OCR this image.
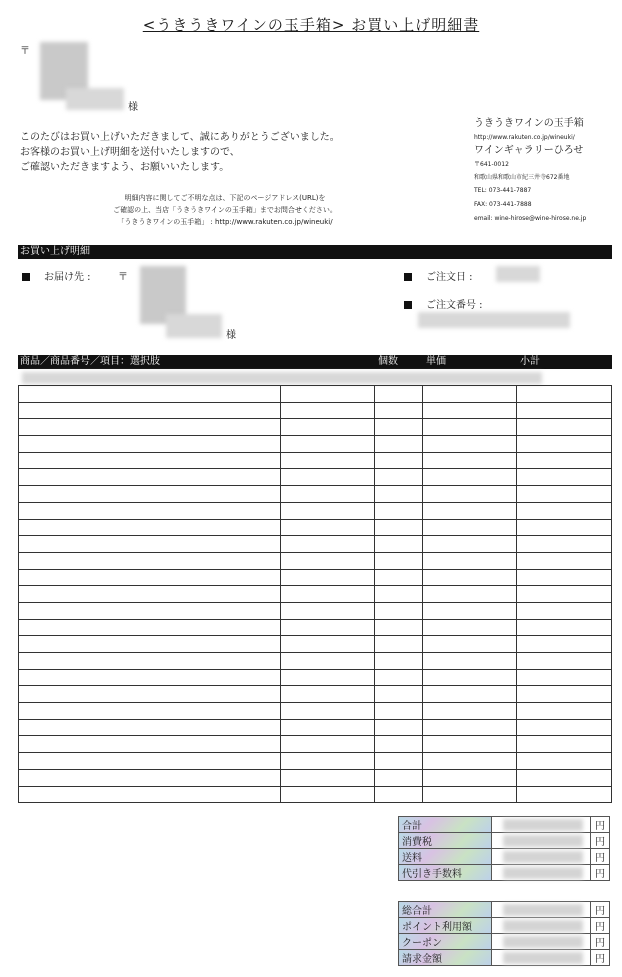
<うきうきワインの玉手箱> お買い上げ明細書
〒
様
このたびはお買い上げいただきまして、誠にありがとうございました。
お客様のお買い上げ明細を送付いたしますので、
ご確認いただきますよう、お願いいたします。
明細内容に関してご不明な点は、下記のページアドレス(URL)を
ご確認の上、当店「うきうきワインの玉手箱」までお問合せください。
「うきうきワインの玉手箱」 : http://www.rakuten.co.jp/wineuki/
うきうきワインの玉手箱
http://www.rakuten.co.jp/wineuki/
ワインギャラリーひろせ
〒641-0012
和歌山県和歌山市紀三井寺672番地
TEL: 073-441-7887
FAX: 073-441-7888
email: wine-hirose@wine-hirose.ne.jp
お買い上げ明細
お届け先 :	〒
様
ご注文日 :
ご注文番号 :
商品／商品番号／項目：選択肢	個数	単価	小計

合計		円
消費税		円
送料		円
代引き手数料		円
総合計		円
ポイント利用額		円
クーポン		円
請求金額		円
